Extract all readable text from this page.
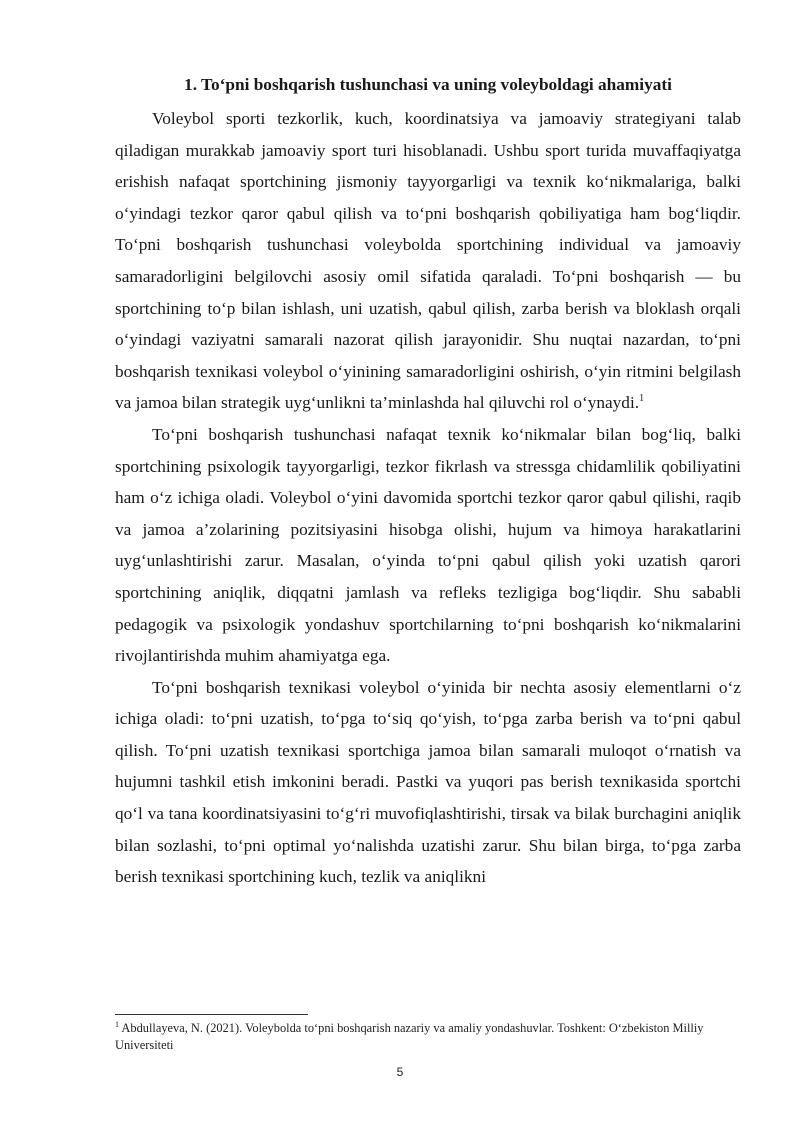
1. To‘pni boshqarish tushunchasi va uning voleyboldagi ahamiyati

Voleybol sporti tezkorlik, kuch, koordinatsiya va jamoaviy strategiyani talab qiladigan murakkab jamoaviy sport turi hisoblanadi. Ushbu sport turida muvaffaqiyatga erishish nafaqat sportchining jismoniy tayyorgarligi va texnik ko‘nikmalariga, balki o‘yindagi tezkor qaror qabul qilish va to‘pni boshqarish qobiliyatiga ham bog‘liqdir. To‘pni boshqarish tushunchasi voleybolda sportchining individual va jamoaviy samaradorligini belgilovchi asosiy omil sifatida qaraladi. To‘pni boshqarish — bu sportchining to‘p bilan ishlash, uni uzatish, qabul qilish, zarba berish va bloklash orqali o‘yindagi vaziyatni samarali nazorat qilish jarayonidir. Shu nuqtai nazardan, to‘pni boshqarish texnikasi voleybol o‘yinining samaradorligini oshirish, o‘yin ritmini belgilash va jamoa bilan strategik uyg‘unlikni ta’minlashda hal qiluvchi rol o‘ynaydi.$^1$

To‘pni boshqarish tushunchasi nafaqat texnik ko‘nikmalar bilan bog‘liq, balki sportchining psixologik tayyorgarligi, tezkor fikrlash va stressga chidamlilik qobiliyatini ham o‘z ichiga oladi. Voleybol o‘yini davomida sportchi tezkor qaror qabul qilishi, raqib va jamoa a’zolarining pozitsiyasini hisobga olishi, hujum va himoya harakatlarini uyg‘unlashtirishi zarur. Masalan, o‘yinda to‘pni qabul qilish yoki uzatish qarori sportchining aniqlik, diqqatni jamlash va refleks tezligiga bog‘liqdir. Shu sababli pedagogik va psixologik yondashuv sportchilarning to‘pni boshqarish ko‘nikmalarini rivojlantirishda muhim ahamiyatga ega.

To‘pni boshqarish texnikasi voleybol o‘yinida bir nechta asosiy elementlarni o‘z ichiga oladi: to‘pni uzatish, to‘pga to‘siq qo‘yish, to‘pga zarba berish va to‘pni qabul qilish. To‘pni uzatish texnikasi sportchiga jamoa bilan samarali muloqot o‘rnatish va hujumni tashkil etish imkonini beradi. Pastki va yuqori pas berish texnikasida sportchi qo‘l va tana koordinatsiyasini to‘g‘ri muvofiqlashtirishi, tirsak va bilak burchagini aniqlik bilan sozlashi, to‘pni optimal yo‘nalishda uzatishi zarur. Shu bilan birga, to‘pga zarba berish texnikasi sportchining kuch, tezlik va aniqlikni

$^1$ Abdullayeva, N. (2021). Voleybolda to‘pni boshqarish nazariy va amaliy yondashuvlar. Toshkent: O‘zbekiston Milliy Universiteti

5
